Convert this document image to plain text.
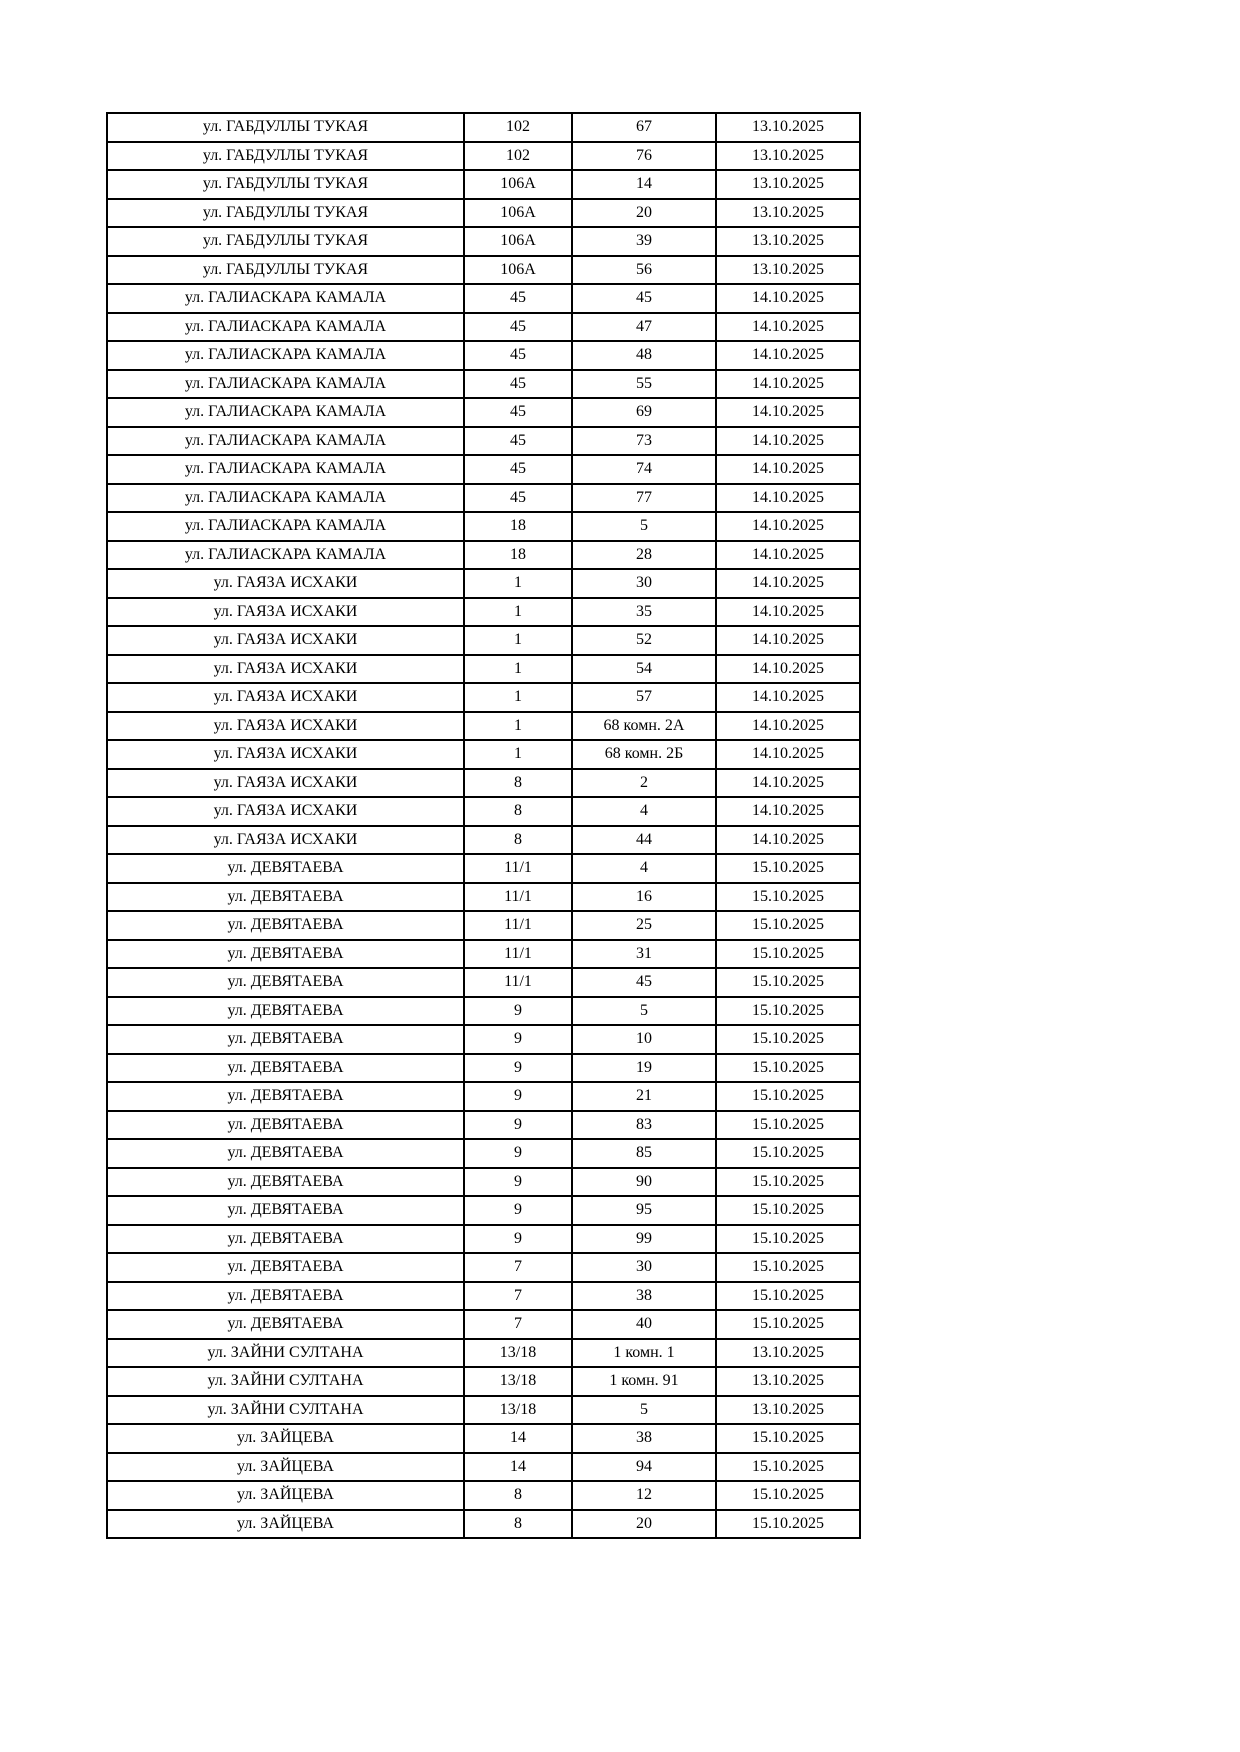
ул. ГАБДУЛЛЫ ТУКАЯ	102	67	13.10.2025
ул. ГАБДУЛЛЫ ТУКАЯ	102	76	13.10.2025
ул. ГАБДУЛЛЫ ТУКАЯ	106А	14	13.10.2025
ул. ГАБДУЛЛЫ ТУКАЯ	106А	20	13.10.2025
ул. ГАБДУЛЛЫ ТУКАЯ	106А	39	13.10.2025
ул. ГАБДУЛЛЫ ТУКАЯ	106А	56	13.10.2025
ул. ГАЛИАСКАРА КАМАЛА	45	45	14.10.2025
ул. ГАЛИАСКАРА КАМАЛА	45	47	14.10.2025
ул. ГАЛИАСКАРА КАМАЛА	45	48	14.10.2025
ул. ГАЛИАСКАРА КАМАЛА	45	55	14.10.2025
ул. ГАЛИАСКАРА КАМАЛА	45	69	14.10.2025
ул. ГАЛИАСКАРА КАМАЛА	45	73	14.10.2025
ул. ГАЛИАСКАРА КАМАЛА	45	74	14.10.2025
ул. ГАЛИАСКАРА КАМАЛА	45	77	14.10.2025
ул. ГАЛИАСКАРА КАМАЛА	18	5	14.10.2025
ул. ГАЛИАСКАРА КАМАЛА	18	28	14.10.2025
ул. ГАЯЗА ИСХАКИ	1	30	14.10.2025
ул. ГАЯЗА ИСХАКИ	1	35	14.10.2025
ул. ГАЯЗА ИСХАКИ	1	52	14.10.2025
ул. ГАЯЗА ИСХАКИ	1	54	14.10.2025
ул. ГАЯЗА ИСХАКИ	1	57	14.10.2025
ул. ГАЯЗА ИСХАКИ	1	68 комн. 2А	14.10.2025
ул. ГАЯЗА ИСХАКИ	1	68 комн. 2Б	14.10.2025
ул. ГАЯЗА ИСХАКИ	8	2	14.10.2025
ул. ГАЯЗА ИСХАКИ	8	4	14.10.2025
ул. ГАЯЗА ИСХАКИ	8	44	14.10.2025
ул. ДЕВЯТАЕВА	11/1	4	15.10.2025
ул. ДЕВЯТАЕВА	11/1	16	15.10.2025
ул. ДЕВЯТАЕВА	11/1	25	15.10.2025
ул. ДЕВЯТАЕВА	11/1	31	15.10.2025
ул. ДЕВЯТАЕВА	11/1	45	15.10.2025
ул. ДЕВЯТАЕВА	9	5	15.10.2025
ул. ДЕВЯТАЕВА	9	10	15.10.2025
ул. ДЕВЯТАЕВА	9	19	15.10.2025
ул. ДЕВЯТАЕВА	9	21	15.10.2025
ул. ДЕВЯТАЕВА	9	83	15.10.2025
ул. ДЕВЯТАЕВА	9	85	15.10.2025
ул. ДЕВЯТАЕВА	9	90	15.10.2025
ул. ДЕВЯТАЕВА	9	95	15.10.2025
ул. ДЕВЯТАЕВА	9	99	15.10.2025
ул. ДЕВЯТАЕВА	7	30	15.10.2025
ул. ДЕВЯТАЕВА	7	38	15.10.2025
ул. ДЕВЯТАЕВА	7	40	15.10.2025
ул. ЗАЙНИ СУЛТАНА	13/18	1 комн. 1	13.10.2025
ул. ЗАЙНИ СУЛТАНА	13/18	1 комн. 91	13.10.2025
ул. ЗАЙНИ СУЛТАНА	13/18	5	13.10.2025
ул. ЗАЙЦЕВА	14	38	15.10.2025
ул. ЗАЙЦЕВА	14	94	15.10.2025
ул. ЗАЙЦЕВА	8	12	15.10.2025
ул. ЗАЙЦЕВА	8	20	15.10.2025
